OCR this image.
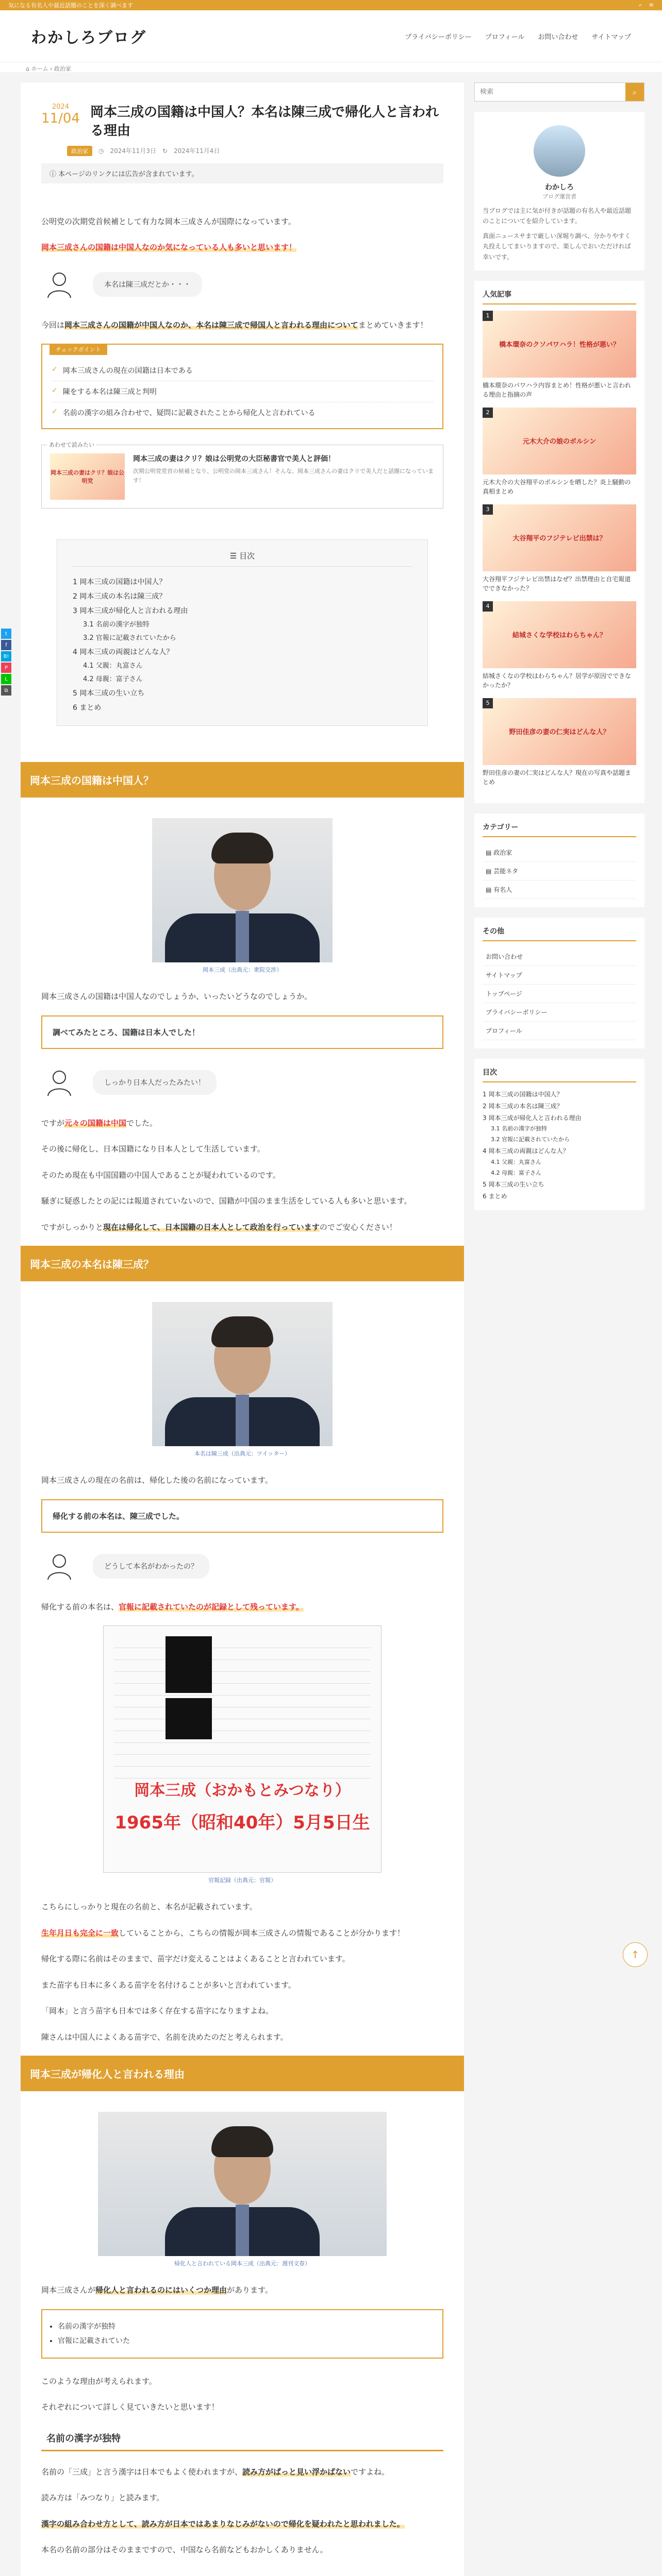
気になる有名人や最近話題のことを深く調べます	⌕ ≡
わかしろブログ	プライバシーポリシー プロフィール お問い合わせ サイトマップ
⌂ ホーム › 政治家
t
f
B!
P
L
⧉
2024
11/04 岡本三成の国籍は中国人？本名は陳三成で帰化人と言われる理由
政治家	◷ 2024年11月3日 ↻ 2024年11月4日
ⓘ 本ページのリンクには広告が含まれています。

公明党の次期党首候補として有力な岡本三成さんが国際になっています。

岡本三成さんの国籍は中国人なのか気になっている人も多いと思います！

本名は陳三成だとか・・・

今回は岡本三成さんの国籍が中国人なのか、本名は陳三成で帰国人と言われる理由についてまとめていきます！

チェックポイント
✓ 岡本三成さんの現在の国籍は日本である
✓ 陳をする本名は陳三成と判明
✓ 名前の漢字の組み合わせで、疑問に記載されたことから帰化人と言われている
あわせて読みたい
岡本三成の妻はクリ？娘は公明党
岡本三成の妻はクリ？娘は公明党の大臣秘書官で美人と評価！
次期公明党党首の候補となり、公明党の岡本三成さん！そんな、岡本三成さんの妻はクリで美人だと話題になっています！
☰ 目次
1 岡本三成の国籍は中国人？
2 岡本三成の本名は陳三成？
3 岡本三成が帰化人と言われる理由
3.1 名前の漢字が独特
3.2 官報に記載されていたから
4 岡本三成の両親はどんな人？
4.1 父親：丸富さん
4.2 母親：富子さん
5 岡本三成の生い立ち
6 まとめ
岡本三成の国籍は中国人？
岡本三成（出典元：衆院交渉）

岡本三成さんの国籍は中国人なのでしょうか、いったいどうなのでしょうか。

調べてみたところ、国籍は日本人でした！
しっかり日本人だったみたい！

ですが元々の国籍は中国でした。

その後に帰化し、日本国籍になり日本人として生活しています。

そのため現在も中国国籍の中国人であることが疑われているのです。

騒ぎに疑惑したとの記には報道されていないので、国籍が中国のまま生活をしている人も多いと思います。

ですがしっかりと現在は帰化して、日本国籍の日本人として政治を行っていますのでご安心ください！

岡本三成の本名は陳三成？
本名は陳三成（出典元：ツイッター）

岡本三成さんの現在の名前は、帰化した後の名前になっています。

帰化する前の本名は、陳三成でした。
どうして本名がわかったの？

帰化する前の本名は、官報に記載されていたのが記録として残っています。

岡本三成（おかもとみつなり）
1965年（昭和40年）5月5日生
官報記録（出典元：官報）

こちらにしっかりと現在の名前と、本名が記載されています。

生年月日も完全に一致していることから、こちらの情報が岡本三成さんの情報であることが分かります！

帰化する際に名前はそのままで、苗字だけ変えることはよくあることと言われています。

また苗字も日本に多くある苗字を名付けることが多いと言われています。

「岡本」と言う苗字も日本では多く存在する苗字になりますよね。

陳さんは中国人によくある苗字で、名前を決めたのだと考えられます。

岡本三成が帰化人と言われる理由
帰化人と言われている岡本三成（出典元：週刊文春）

岡本三成さんが帰化人と言われるのにはいくつか理由があります。

• 名前の漢字が独特
• 官報に記載されていた

このような理由が考えられます。

それぞれについて詳しく見ていきたいと思います！

名前の漢字が独特

名前の「三成」と言う漢字は日本でもよく使われますが、読み方がぱっと見い浮かばないですよね。

読み方は「みつなり」と読みます。

漢字の組み合わせ方として、読み方が日本ではあまりなじみがないので帰化を疑われたと思われました。

本名の名前の部分はそのままですので、中国なら名前などもおかしくありません。

検索
⌕
わかしろ
ブログ運営者
当ブログでは主に気が付きが話題の有名人や最近話題のことについてを紹介しています。
真面ニュースサまで厳しい深堀り調べ、分かりやすく丸投えしてまいりますので、楽しんでおいただければ幸いです。
人気記事
橋本環奈のクソパワハラ！性格が悪い？
1
橋本環奈のパワハラ内容まとめ！性格が悪いと言われる理由と指摘の声
元木大介の娘のボルシン
2
元木大介の大谷翔平のボルシンを晒した？炎上騒動の真相まとめ
大谷翔平のフジテレビ出禁は？
3
大谷翔平フジテレビ出禁はなぜ？出禁理由と自宅報道でできなかった？
結城さくな学校はわらちゃん？
4
結城さくなの学校はわらちゃん？居学が原因でできなかったか？
野田佳彦の妻の仁実はどんな人？
5
野田佳彦の妻の仁実はどんな人？現在の写真や話題まとめ
カテゴリー
▤ 政治家
▤ 芸能ネタ
▤ 有名人
その他
お問い合わせ
サイトマップ
トップページ
プライバシーポリシー
プロフィール
目次
1 岡本三成の国籍は中国人？
2 岡本三成の本名は陳三成？
3 岡本三成が帰化人と言われる理由
3.1 名前の漢字が独特
3.2 官報に記載されていたから
4 岡本三成の両親はどんな人？
4.1 父親：丸富さん
4.2 母親：富子さん
5 岡本三成の生い立ち
6 まとめ
↑
